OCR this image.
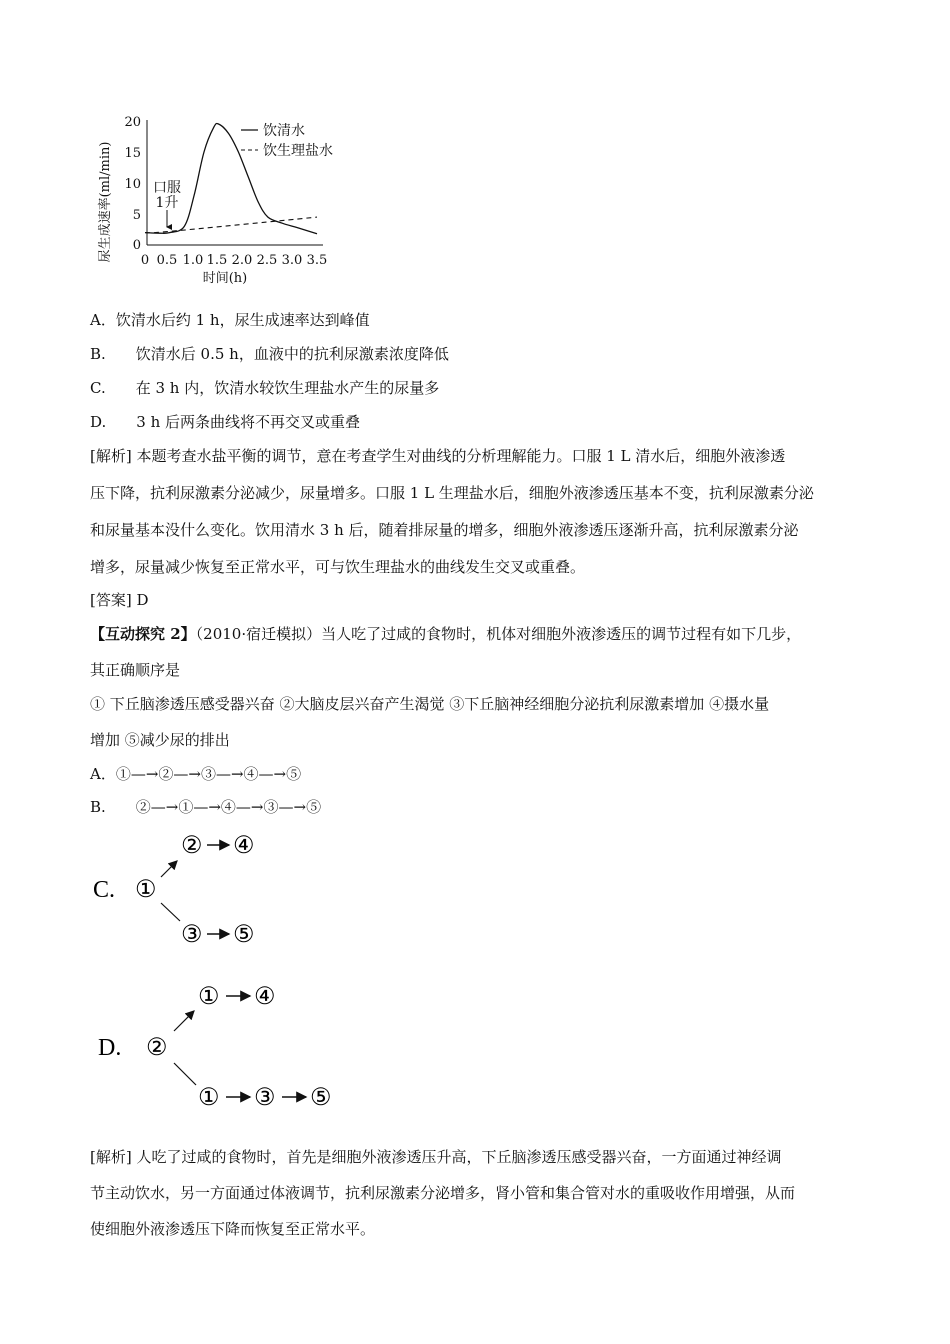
尿生成速率(ml/min)
20
15
10
5
0
0 0.5 1.0 1.5 2.0 2.5 3.0 3.5
时间(h)
口服
1升
饮清水
饮生理盐水
A．饮清水后约 1 h，尿生成速率达到峰值
B.　　饮清水后 0.5 h，血液中的抗利尿激素浓度降低
C.　　在 3 h 内，饮清水较饮生理盐水产生的尿量多
D.　　3 h 后两条曲线将不再交叉或重叠
[解析] 本题考查水盐平衡的调节，意在考查学生对曲线的分析理解能力。口服 1 L 清水后，细胞外液渗透
压下降，抗利尿激素分泌减少，尿量增多。口服 1 L 生理盐水后，细胞外液渗透压基本不变，抗利尿激素分泌
和尿量基本没什么变化。饮用清水 3 h 后，随着排尿量的增多，细胞外液渗透压逐渐升高，抗利尿激素分泌
增多，尿量减少恢复至正常水平，可与饮生理盐水的曲线发生交叉或重叠。
[答案] D
【互动探究 2】（2010·宿迁模拟）当人吃了过咸的食物时，机体对细胞外液渗透压的调节过程有如下几步，
其正确顺序是
① 下丘脑渗透压感受器兴奋 ②大脑皮层兴奋产生渴觉 ③下丘脑神经细胞分泌抗利尿激素增加 ④摄水量
增加 ⑤减少尿的排出
A．①—→②—→③—→④—→⑤
B.　　②—→①—→④—→③—→⑤
C. ①
② ④
③ ⑤
D. ②
① ④
① ③ ⑤
[解析] 人吃了过咸的食物时，首先是细胞外液渗透压升高，下丘脑渗透压感受器兴奋，一方面通过神经调
节主动饮水，另一方面通过体液调节，抗利尿激素分泌增多，肾小管和集合管对水的重吸收作用增强，从而
使细胞外液渗透压下降而恢复至正常水平。
